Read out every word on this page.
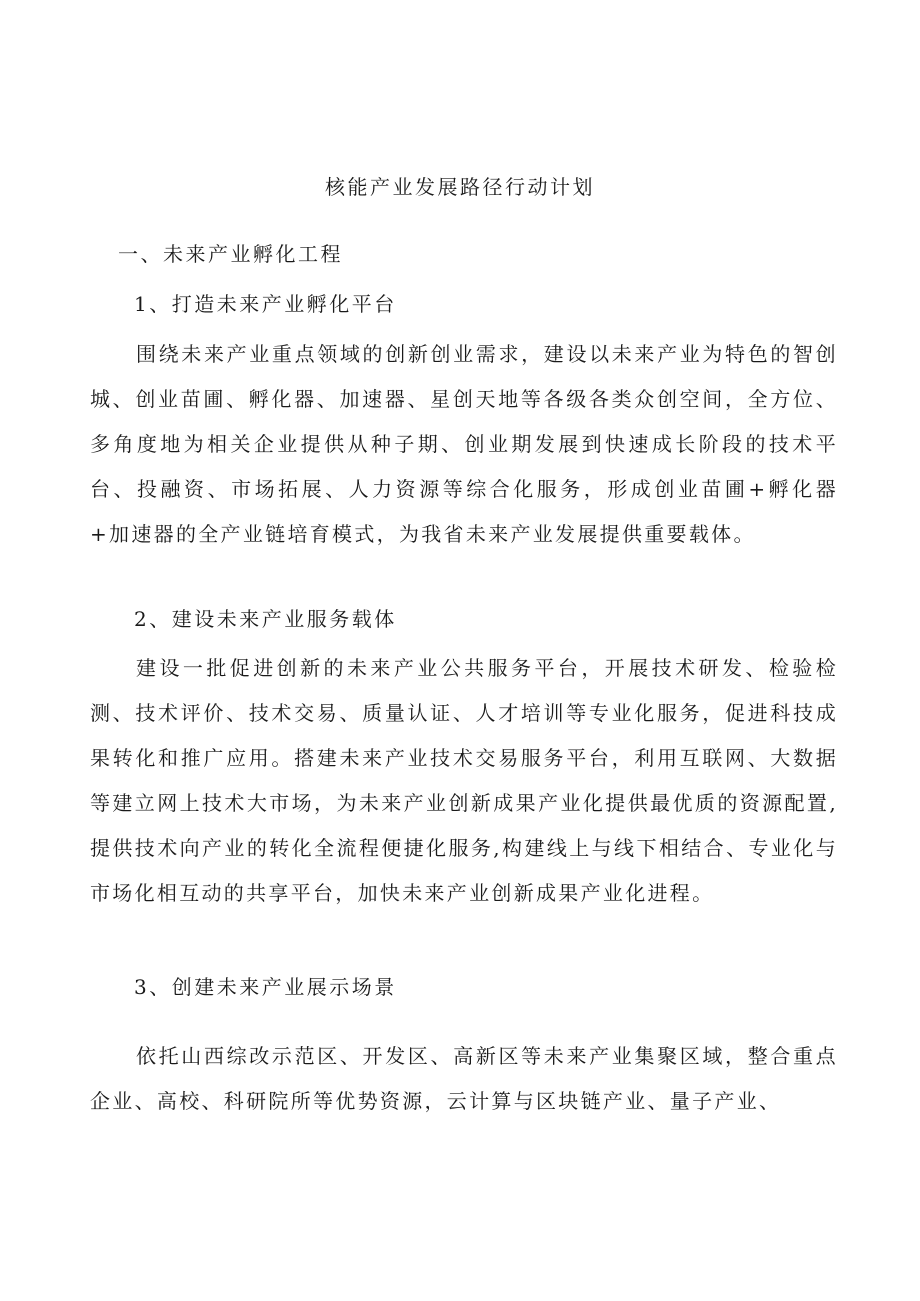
核能产业发展路径行动计划
一、未来产业孵化工程
1、打造未来产业孵化平台

围绕未来产业重点领域的创新创业需求，建设以未来产业为特色的智创城、创业苗圃、孵化器、加速器、星创天地等各级各类众创空间，全方位、多角度地为相关企业提供从种子期、创业期发展到快速成长阶段的技术平台、投融资、市场拓展、人力资源等综合化服务，形成创业苗圃+孵化器+加速器的全产业链培育模式，为我省未来产业发展提供重要载体。

2、建设未来产业服务载体

建设一批促进创新的未来产业公共服务平台，开展技术研发、检验检测、技术评价、技术交易、质量认证、人才培训等专业化服务，促进科技成果转化和推广应用。搭建未来产业技术交易服务平台，利用互联网、大数据等建立网上技术大市场，为未来产业创新成果产业化提供最优质的资源配置,提供技术向产业的转化全流程便捷化服务,构建线上与线下相结合、专业化与市场化相互动的共享平台，加快未来产业创新成果产业化进程。

3、创建未来产业展示场景

依托山西综改示范区、开发区、高新区等未来产业集聚区域，整合重点企业、高校、科研院所等优势资源，云计算与区块链产业、量子产业、
